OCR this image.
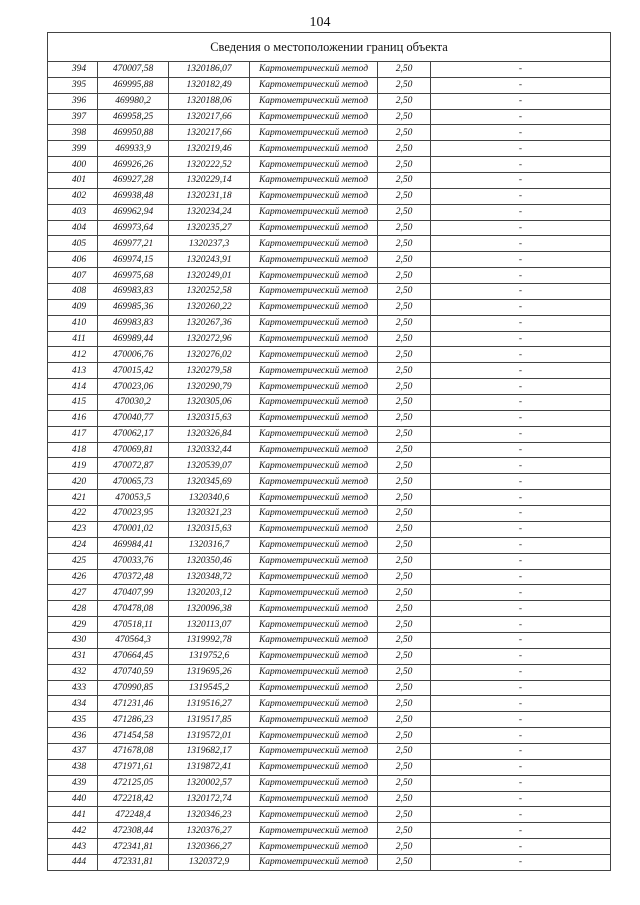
104
Сведения о местоположении границ объекта					
394	470007,58	1320186,07	Картометрический метод	2,50	-
395	469995,88	1320182,49	Картометрический метод	2,50	-
396	469980,2	1320188,06	Картометрический метод	2,50	-
397	469958,25	1320217,66	Картометрический метод	2,50	-
398	469950,88	1320217,66	Картометрический метод	2,50	-
399	469933,9	1320219,46	Картометрический метод	2,50	-
400	469926,26	1320222,52	Картометрический метод	2,50	-
401	469927,28	1320229,14	Картометрический метод	2,50	-
402	469938,48	1320231,18	Картометрический метод	2,50	-
403	469962,94	1320234,24	Картометрический метод	2,50	-
404	469973,64	1320235,27	Картометрический метод	2,50	-
405	469977,21	1320237,3	Картометрический метод	2,50	-
406	469974,15	1320243,91	Картометрический метод	2,50	-
407	469975,68	1320249,01	Картометрический метод	2,50	-
408	469983,83	1320252,58	Картометрический метод	2,50	-
409	469985,36	1320260,22	Картометрический метод	2,50	-
410	469983,83	1320267,36	Картометрический метод	2,50	-
411	469989,44	1320272,96	Картометрический метод	2,50	-
412	470006,76	1320276,02	Картометрический метод	2,50	-
413	470015,42	1320279,58	Картометрический метод	2,50	-
414	470023,06	1320290,79	Картометрический метод	2,50	-
415	470030,2	1320305,06	Картометрический метод	2,50	-
416	470040,77	1320315,63	Картометрический метод	2,50	-
417	470062,17	1320326,84	Картометрический метод	2,50	-
418	470069,81	1320332,44	Картометрический метод	2,50	-
419	470072,87	1320539,07	Картометрический метод	2,50	-
420	470065,73	1320345,69	Картометрический метод	2,50	-
421	470053,5	1320340,6	Картометрический метод	2,50	-
422	470023,95	1320321,23	Картометрический метод	2,50	-
423	470001,02	1320315,63	Картометрический метод	2,50	-
424	469984,41	1320316,7	Картометрический метод	2,50	-
425	470033,76	1320350,46	Картометрический метод	2,50	-
426	470372,48	1320348,72	Картометрический метод	2,50	-
427	470407,99	1320203,12	Картометрический метод	2,50	-
428	470478,08	1320096,38	Картометрический метод	2,50	-
429	470518,11	1320113,07	Картометрический метод	2,50	-
430	470564,3	1319992,78	Картометрический метод	2,50	-
431	470664,45	1319752,6	Картометрический метод	2,50	-
432	470740,59	1319695,26	Картометрический метод	2,50	-
433	470990,85	1319545,2	Картометрический метод	2,50	-
434	471231,46	1319516,27	Картометрический метод	2,50	-
435	471286,23	1319517,85	Картометрический метод	2,50	-
436	471454,58	1319572,01	Картометрический метод	2,50	-
437	471678,08	1319682,17	Картометрический метод	2,50	-
438	471971,61	1319872,41	Картометрический метод	2,50	-
439	472125,05	1320002,57	Картометрический метод	2,50	-
440	472218,42	1320172,74	Картометрический метод	2,50	-
441	472248,4	1320346,23	Картометрический метод	2,50	-
442	472308,44	1320376,27	Картометрический метод	2,50	-
443	472341,81	1320366,27	Картометрический метод	2,50	-
444	472331,81	1320372,9	Картометрический метод	2,50	-
